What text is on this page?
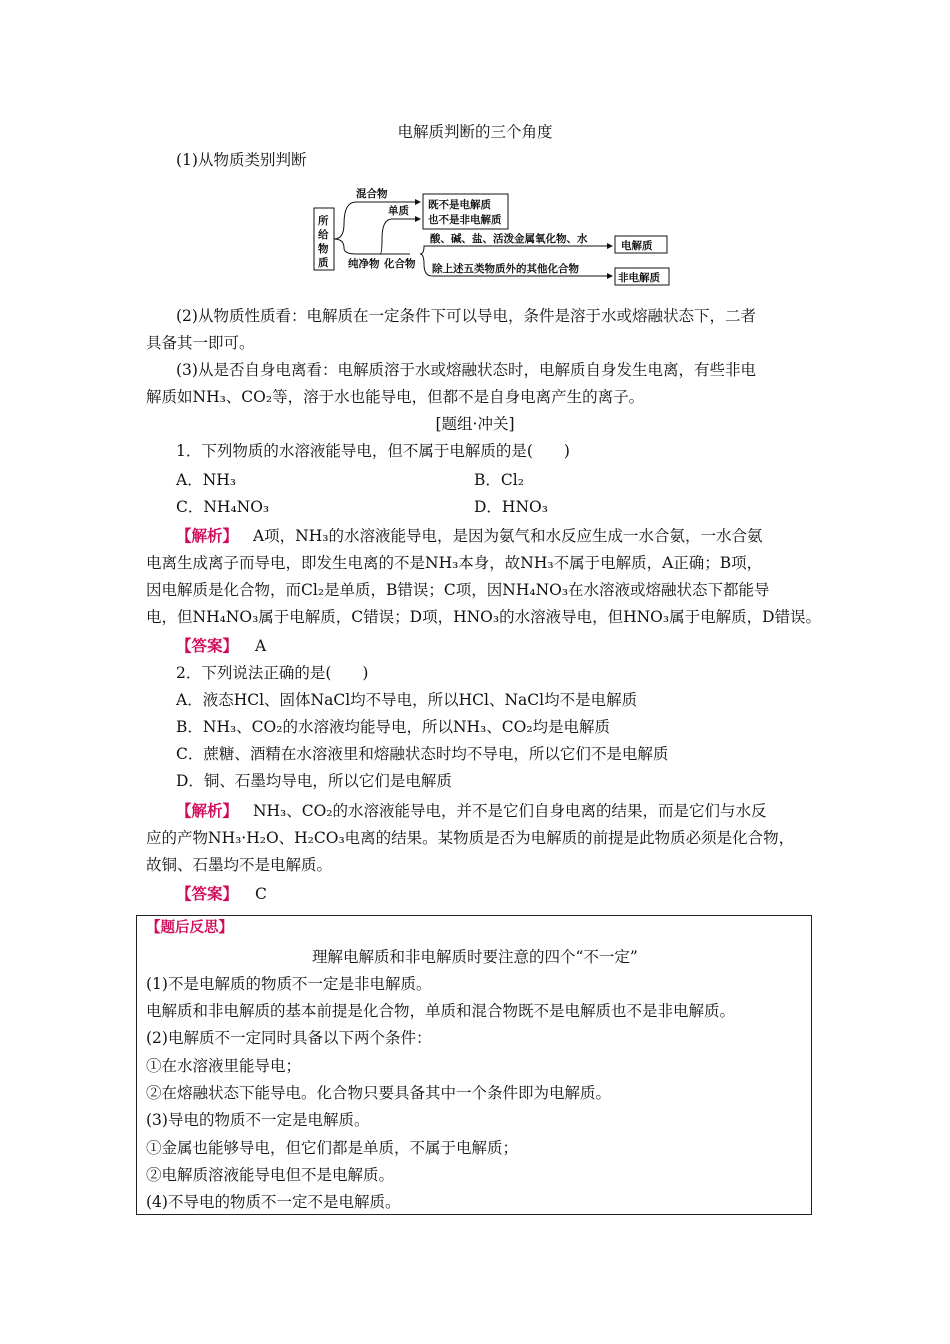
电解质判断的三个角度
(1)从物质类别判断
所
给
物
质
混合物
纯净物
既不是电解质
也不是非电解质
单质
化合物
酸、碱、盐、活泼金属氧化物、水
除上述五类物质外的其他化合物
电解质
非电解质
(2)从物质性质看：电解质在一定条件下可以导电，条件是溶于水或熔融状态下，二者
具备其一即可。
(3)从是否自身电离看：电解质溶于水或熔融状态时，电解质自身发生电离，有些非电
解质如NH₃、CO₂等，溶于水也能导电，但都不是自身电离产生的离子。
[题组·冲关]
1．下列物质的水溶液能导电，但不属于电解质的是(　　)
A．NH₃	B．Cl₂
C．NH₄NO₃	D．HNO₃
【解析】 A项，NH₃的水溶液能导电，是因为氨气和水反应生成一水合氨，一水合氨
电离生成离子而导电，即发生电离的不是NH₃本身，故NH₃不属于电解质，A正确；B项，
因电解质是化合物，而Cl₂是单质，B错误；C项，因NH₄NO₃在水溶液或熔融状态下都能导
电，但NH₄NO₃属于电解质，C错误；D项，HNO₃的水溶液导电，但HNO₃属于电解质，D错误。
【答案】 A
2．下列说法正确的是(　　)
A．液态HCl、固体NaCl均不导电，所以HCl、NaCl均不是电解质
B．NH₃、CO₂的水溶液均能导电，所以NH₃、CO₂均是电解质
C．蔗糖、酒精在水溶液里和熔融状态时均不导电，所以它们不是电解质
D．铜、石墨均导电，所以它们是电解质
【解析】 NH₃、CO₂的水溶液能导电，并不是它们自身电离的结果，而是它们与水反
应的产物NH₃·H₂O、H₂CO₃电离的结果。某物质是否为电解质的前提是此物质必须是化合物，
故铜、石墨均不是电解质。
【答案】 C
【题后反思】
理解电解质和非电解质时要注意的四个“不一定”
(1)不是电解质的物质不一定是非电解质。
电解质和非电解质的基本前提是化合物，单质和混合物既不是电解质也不是非电解质。
(2)电解质不一定同时具备以下两个条件：
①在水溶液里能导电；
②在熔融状态下能导电。化合物只要具备其中一个条件即为电解质。
(3)导电的物质不一定是电解质。
①金属也能够导电，但它们都是单质，不属于电解质；
②电解质溶液能导电但不是电解质。
(4)不导电的物质不一定不是电解质。
